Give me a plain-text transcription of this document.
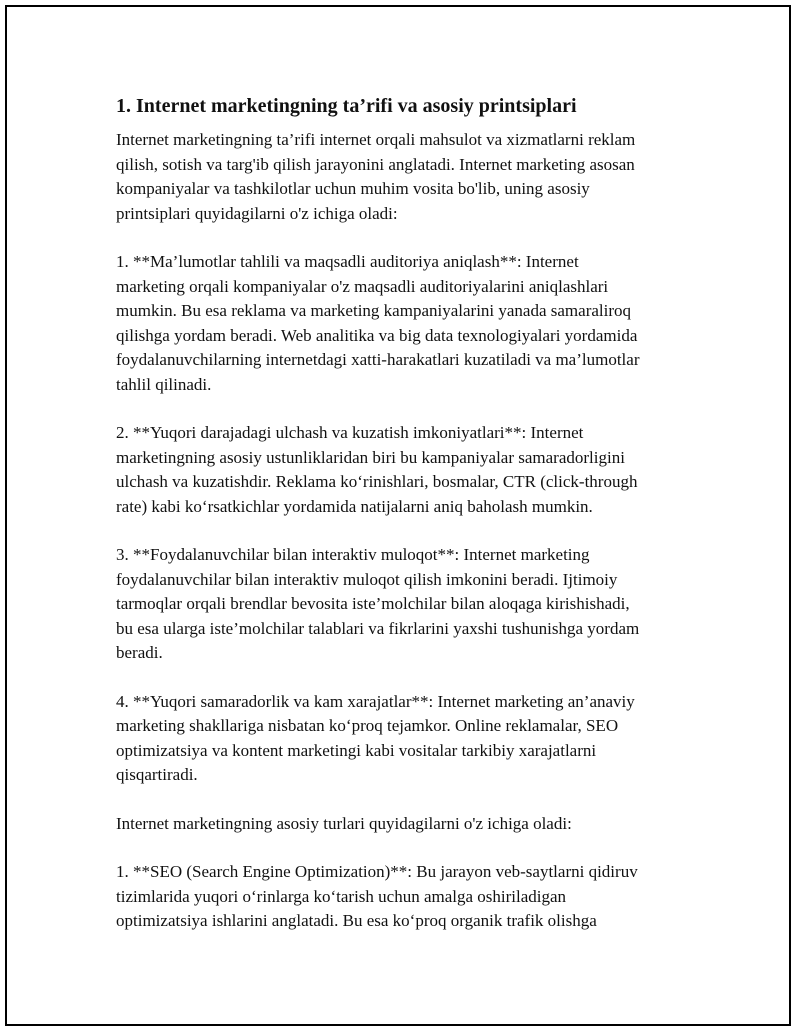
1. Internet marketingning ta’rifi va asosiy printsiplari

Internet marketingning ta’rifi internet orqali mahsulot va xizmatlarni reklam
qilish, sotish va targ'ib qilish jarayonini anglatadi. Internet marketing asosan
kompaniyalar va tashkilotlar uchun muhim vosita bo'lib, uning asosiy
printsiplari quyidagilarni o'z ichiga oladi:

1. **Ma’lumotlar tahlili va maqsadli auditoriya aniqlash**: Internet
marketing orqali kompaniyalar o'z maqsadli auditoriyalarini aniqlashlari
mumkin. Bu esa reklama va marketing kampaniyalarini yanada samaraliroq
qilishga yordam beradi. Web analitika va big data texnologiyalari yordamida
foydalanuvchilarning internetdagi xatti-harakatlari kuzatiladi va ma’lumotlar
tahlil qilinadi.

2. **Yuqori darajadagi ulchash va kuzatish imkoniyatlari**: Internet
marketingning asosiy ustunliklaridan biri bu kampaniyalar samaradorligini
ulchash va kuzatishdir. Reklama ko‘rinishlari, bosmalar, CTR (click-through
rate) kabi ko‘rsatkichlar yordamida natijalarni aniq baholash mumkin.

3. **Foydalanuvchilar bilan interaktiv muloqot**: Internet marketing
foydalanuvchilar bilan interaktiv muloqot qilish imkonini beradi. Ijtimoiy
tarmoqlar orqali brendlar bevosita iste’molchilar bilan aloqaga kirishishadi,
bu esa ularga iste’molchilar talablari va fikrlarini yaxshi tushunishga yordam
beradi.

4. **Yuqori samaradorlik va kam xarajatlar**: Internet marketing an’anaviy
marketing shakllariga nisbatan ko‘proq tejamkor. Online reklamalar, SEO
optimizatsiya va kontent marketingi kabi vositalar tarkibiy xarajatlarni
qisqartiradi.

Internet marketingning asosiy turlari quyidagilarni o'z ichiga oladi:

1. **SEO (Search Engine Optimization)**: Bu jarayon veb-saytlarni qidiruv
tizimlarida yuqori o‘rinlarga ko‘tarish uchun amalga oshiriladigan
optimizatsiya ishlarini anglatadi. Bu esa ko‘proq organik trafik olishga
